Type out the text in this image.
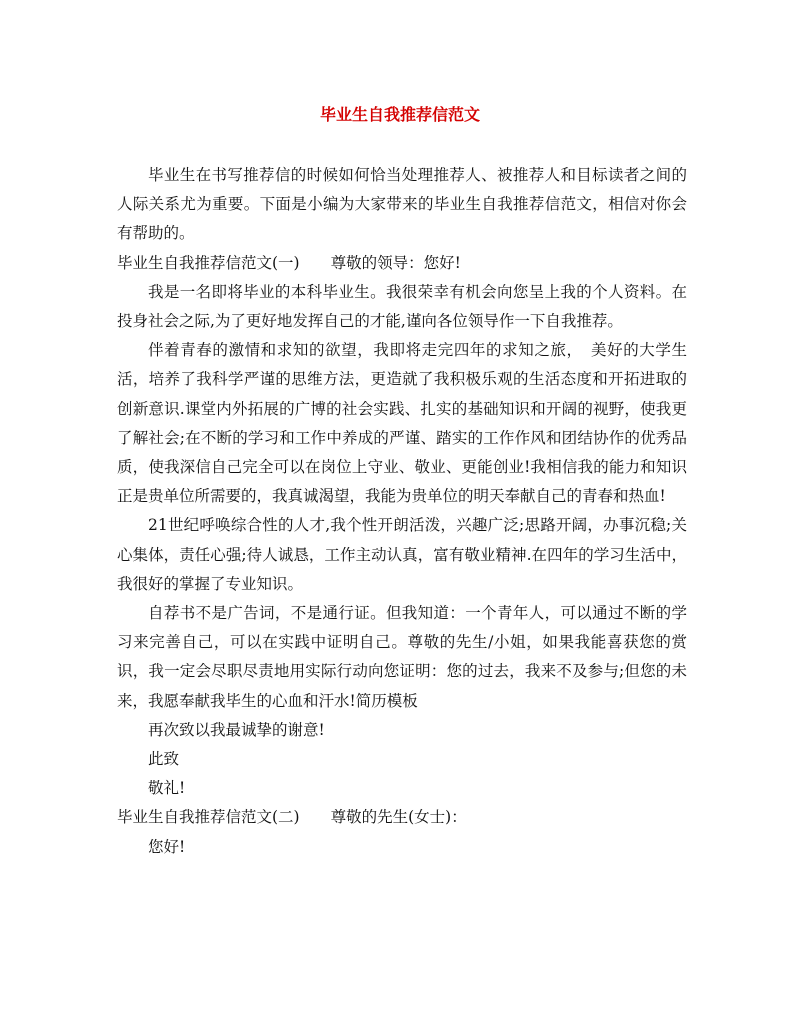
毕业生自我推荐信范文

毕业生在书写推荐信的时候如何恰当处理推荐人、被推荐人和目标读者之间的人际关系尤为重要。下面是小编为大家带来的毕业生自我推荐信范文，相信对你会有帮助的。

毕业生自我推荐信范文(一)　　尊敬的领导：您好!

我是一名即将毕业的本科毕业生。我很荣幸有机会向您呈上我的个人资料。在投身社会之际,为了更好地发挥自己的才能,谨向各位领导作一下自我推荐。

伴着青春的激情和求知的欲望，我即将走完四年的求知之旅，　美好的大学生活，培养了我科学严谨的思维方法，更造就了我积极乐观的生活态度和开拓进取的创新意识.课堂内外拓展的广博的社会实践、扎实的基础知识和开阔的视野，使我更了解社会;在不断的学习和工作中养成的严谨、踏实的工作作风和团结协作的优秀品质，使我深信自己完全可以在岗位上守业、敬业、更能创业!我相信我的能力和知识正是贵单位所需要的，我真诚渴望，我能为贵单位的明天奉献自己的青春和热血!

21世纪呼唤综合性的人才,我个性开朗活泼，兴趣广泛;思路开阔，办事沉稳;关心集体，责任心强;待人诚恳，工作主动认真，富有敬业精神.在四年的学习生活中，我很好的掌握了专业知识。

自荐书不是广告词，不是通行证。但我知道：一个青年人，可以通过不断的学习来完善自己，可以在实践中证明自己。尊敬的先生/小姐，如果我能喜获您的赏识，我一定会尽职尽责地用实际行动向您证明：您的过去，我来不及参与;但您的未来，我愿奉献我毕生的心血和汗水!简历模板

再次致以我最诚挚的谢意!

此致

敬礼!

毕业生自我推荐信范文(二)　　尊敬的先生(女士)：

您好!
